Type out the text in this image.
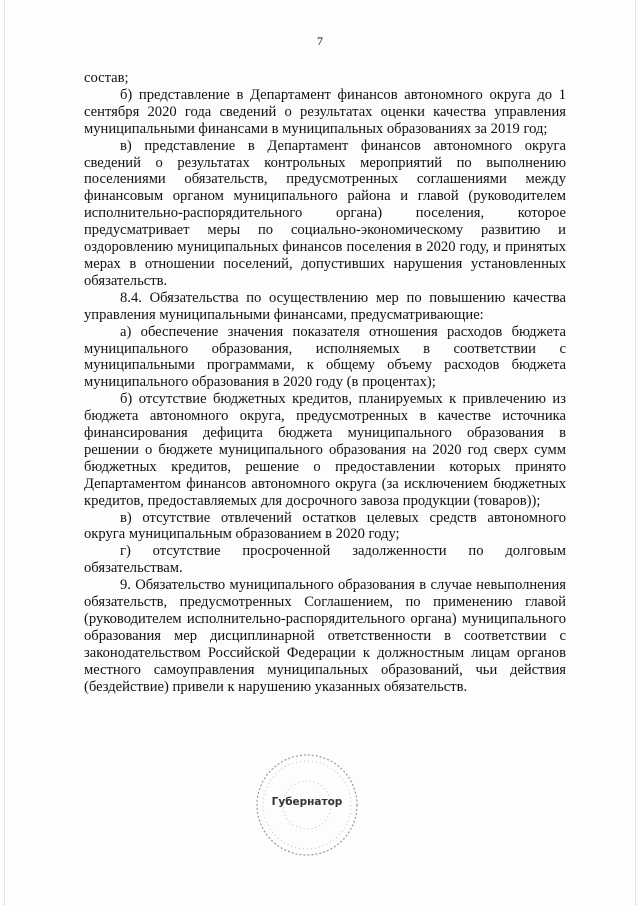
7

состав;

б) представление в Департамент финансов автономного округа до 1 сентября 2020 года сведений о результатах оценки качества управления муниципальными финансами в муниципальных образованиях за 2019 год;

в) представление в Департамент финансов автономного округа сведений о результатах контрольных мероприятий по выполнению поселениями обязательств, предусмотренных соглашениями между финансовым органом муниципального района и главой (руководителем исполнительно-распорядительного органа) поселения, которое предусматривает меры по социально-экономическому развитию и оздоровлению муниципальных финансов поселения в 2020 году, и принятых мерах в отношении поселений, допустивших нарушения установленных обязательств.

8.4. Обязательства по осуществлению мер по повышению качества управления муниципальными финансами, предусматривающие:

а) обеспечение значения показателя отношения расходов бюджета муниципального образования, исполняемых в соответствии с муниципальными программами, к общему объему расходов бюджета муниципального образования в 2020 году (в процентах);

б) отсутствие бюджетных кредитов, планируемых к привлечению из бюджета автономного округа, предусмотренных в качестве источника финансирования дефицита бюджета муниципального образования в решении о бюджете муниципального образования на 2020 год сверх сумм бюджетных кредитов, решение о предоставлении которых принято Департаментом финансов автономного округа (за исключением бюджетных кредитов, предоставляемых для досрочного завоза продукции (товаров));

в) отсутствие отвлечений остатков целевых средств автономного округа муниципальным образованием в 2020 году;

г) отсутствие просроченной задолженности по долговым обязательствам.

9. Обязательство муниципального образования в случае невыполнения обязательств, предусмотренных Соглашением, по применению главой (руководителем исполнительно-распорядительного органа) муниципального образования мер дисциплинарной ответственности в соответствии с законодательством Российской Федерации к должностным лицам органов местного самоуправления муниципальных образований, чьи действия (бездействие) привели к нарушению указанных обязательств.

Губернатор
